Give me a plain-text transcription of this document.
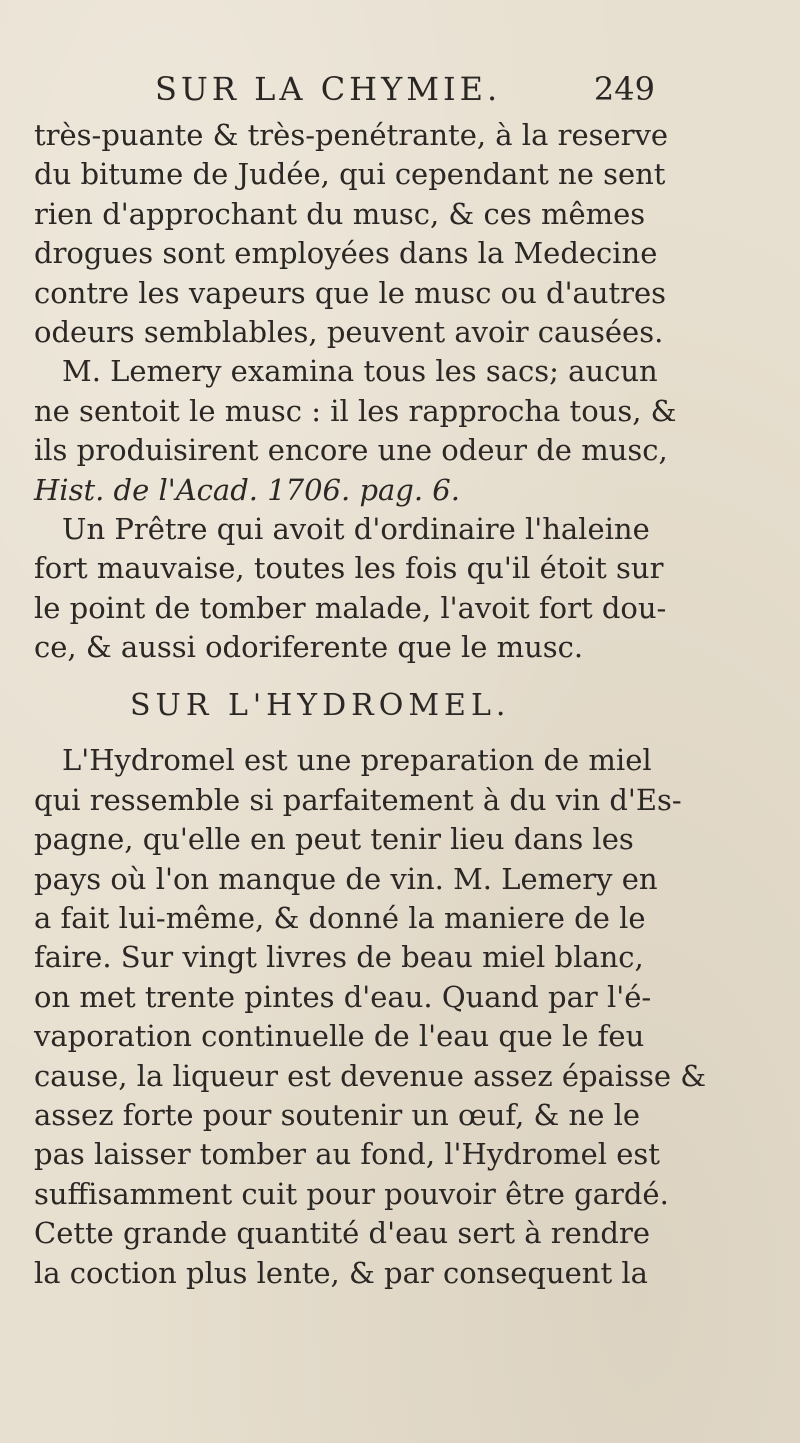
SUR LA CHYMIE.	249
très-puante & très-penétrante, à la reserve
du bitume de Judée, qui cependant ne sent
rien d'approchant du musc, & ces mêmes
drogues sont employées dans la Medecine
contre les vapeurs que le musc ou d'autres
odeurs semblables, peuvent avoir causées.
M. Lemery examina tous les sacs; aucun
ne sentoit le musc : il les rapprocha tous, &
ils produisirent encore une odeur de musc,
Hist. de l'Acad. 1706. pag. 6.
Un Prêtre qui avoit d'ordinaire l'haleine
fort mauvaise, toutes les fois qu'il étoit sur
le point de tomber malade, l'avoit fort dou-
ce, & aussi odoriferente que le musc.
SUR L'HYDROMEL.
L'Hydromel est une preparation de miel
qui ressemble si parfaitement à du vin d'Es-
pagne, qu'elle en peut tenir lieu dans les
pays où l'on manque de vin. M. Lemery en
a fait lui-même, & donné la maniere de le
faire. Sur vingt livres de beau miel blanc,
on met trente pintes d'eau. Quand par l'é-
vaporation continuelle de l'eau que le feu
cause, la liqueur est devenue assez épaisse &
assez forte pour soutenir un œuf, & ne le
pas laisser tomber au fond, l'Hydromel est
suffisamment cuit pour pouvoir être gardé.
Cette grande quantité d'eau sert à rendre
la coction plus lente, & par consequent la
